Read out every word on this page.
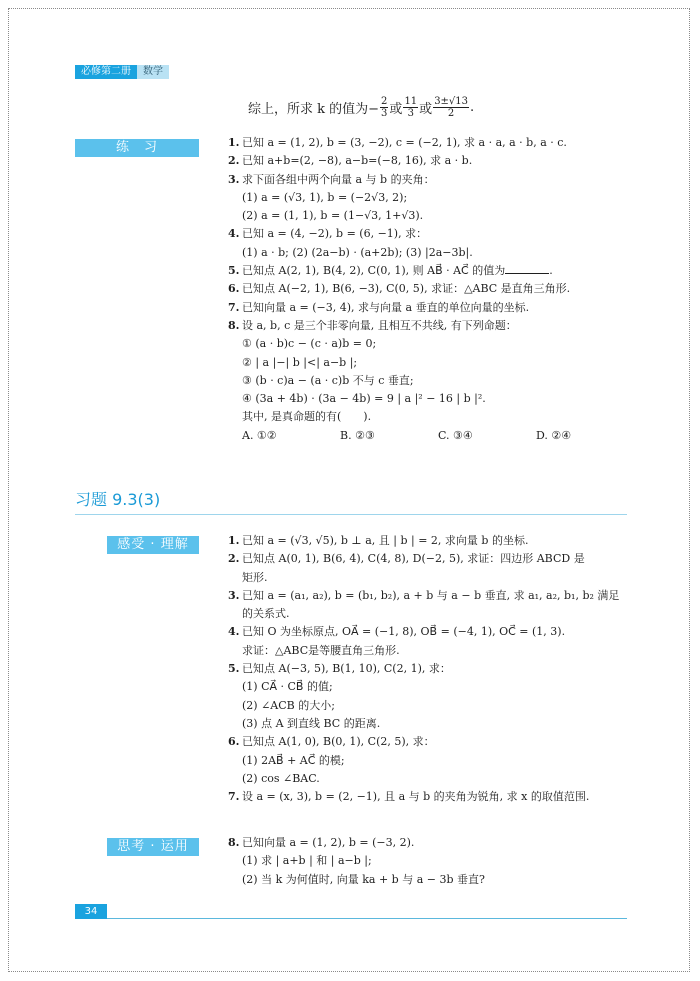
必修第二册	数学
综上，所求 k 的值为− $\frac{2}{3}$ 或 $\frac{11}{3}$ 或 $\frac{3\pm√13}{2}$ .
练　习	1. 已知 a = (1, 2), b = (3, −2), c = (−2, 1), 求 a · a, a · b, a · c.
2. 已知 a+b=(2, −8), a−b=(−8, 16), 求 a · b.
3. 求下面各组中两个向量 a 与 b 的夹角：
(1) a = (√3, 1), b = (−2√3, 2);
(2) a = (1, 1), b = (1−√3, 1+√3).
4. 已知 a = (4, −2), b = (6, −1), 求：
(1) a · b; (2) (2a−b) · (a+2b); (3) |2a−3b|.
5. 已知点 A(2, 1), B(4, 2), C(0, 1), 则 AB⃗ · AC⃗ 的值为	.
6. 已知点 A(−2, 1), B(6, −3), C(0, 5), 求证：△ABC 是直角三角形.
7. 已知向量 a = (−3, 4), 求与向量 a 垂直的单位向量的坐标.
8. 设 a, b, c 是三个非零向量, 且相互不共线, 有下列命题：
① (a · b)c − (c · a)b = 0;
② | a |−| b |<| a−b |;
③ (b · c)a − (a · c)b 不与 c 垂直;
④ (3a + 4b) · (3a − 4b) = 9 | a |² − 16 | b |².
其中, 是真命题的有(　　).
A. ①②	B. ②③	C. ③④	D. ②④
习题 9.3(3)
感受 · 理解	1. 已知 a = (√3, √5), b ⊥ a, 且 | b | = 2, 求向量 b 的坐标.
2. 已知点 A(0, 1), B(6, 4), C(4, 8), D(−2, 5), 求证：四边形 ABCD 是
矩形.
3. 已知 a = (a₁, a₂), b = (b₁, b₂), a + b 与 a − b 垂直, 求 a₁, a₂, b₁, b₂ 满足
的关系式.
4. 已知 O 为坐标原点, OA⃗ = (−1, 8), OB⃗ = (−4, 1), OC⃗ = (1, 3).
求证：△ABC是等腰直角三角形.
5. 已知点 A(−3, 5), B(1, 10), C(2, 1), 求：
(1) CA⃗ · CB⃗ 的值;
(2) ∠ACB 的大小;
(3) 点 A 到直线 BC 的距离.
6. 已知点 A(1, 0), B(0, 1), C(2, 5), 求：
(1) 2AB⃗ + AC⃗ 的模;
(2) cos ∠BAC.
7. 设 a = (x, 3), b = (2, −1), 且 a 与 b 的夹角为锐角, 求 x 的取值范围.
思考 · 运用	8. 已知向量 a = (1, 2), b = (−3, 2).
(1) 求 | a+b | 和 | a−b |;
(2) 当 k 为何值时, 向量 ka + b 与 a − 3b 垂直?
34
